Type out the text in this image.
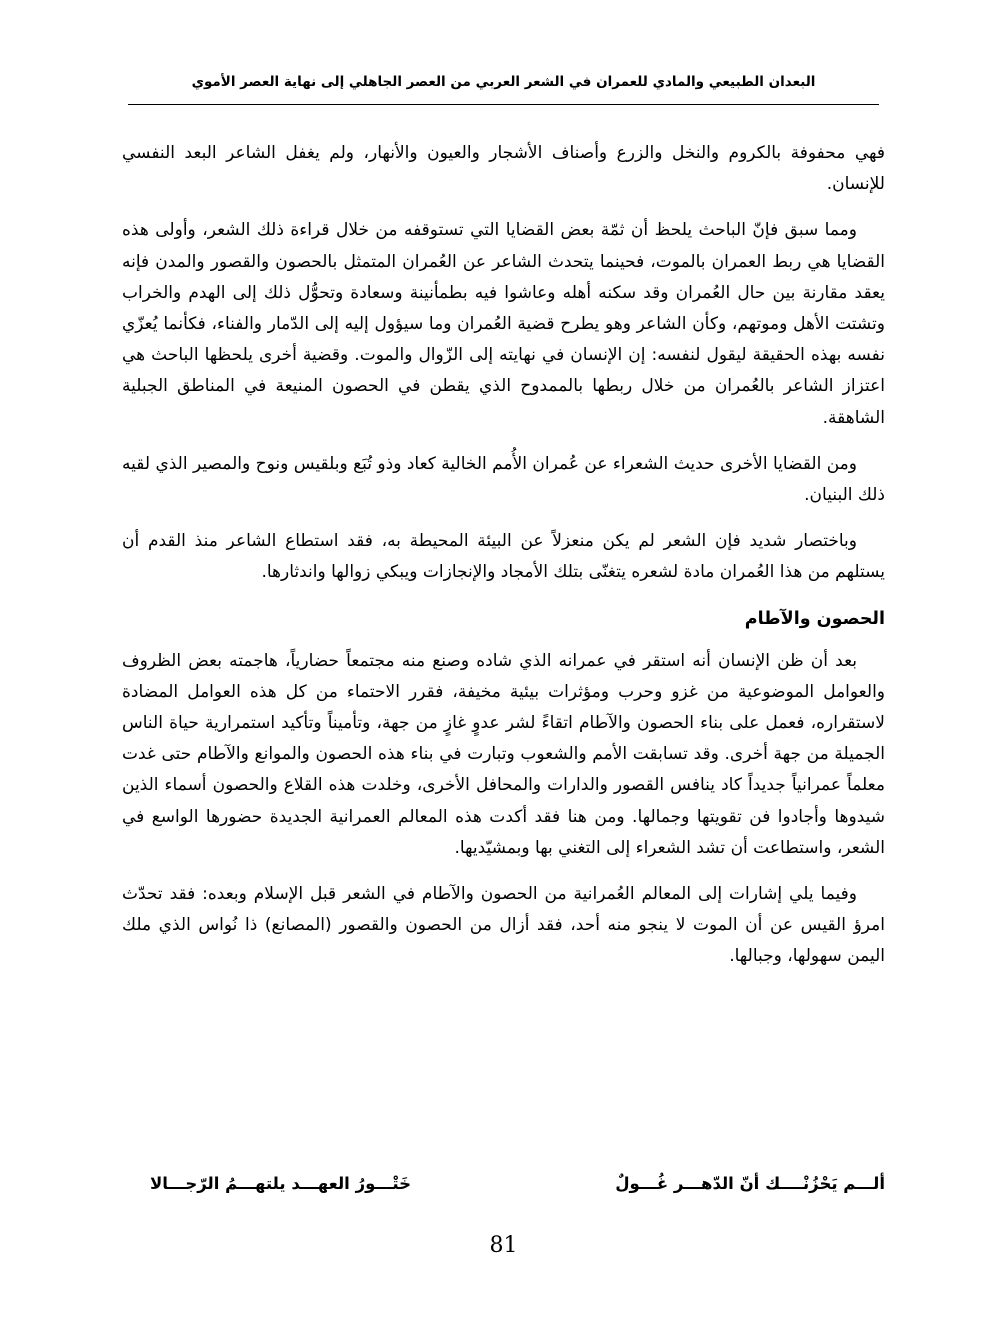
البعدان الطبيعي والمادي للعمران في الشعر العربي من العصر الجاهلي إلى نهاية العصر الأموي

فهي محفوفة بالكروم والنخل والزرع وأصناف الأشجار والعيون والأنهار، ولم يغفل الشاعر البعد النفسي للإنسان.

ومما سبق فإنّ الباحث يلحظ أن ثمّة بعض القضايا التي تستوقفه من خلال قراءة ذلك الشعر، وأولى هذه القضايا هي ربط العمران بالموت، فحينما يتحدث الشاعر عن العُمران المتمثل بالحصون والقصور والمدن فإنه يعقد مقارنة بين حال العُمران وقد سكنه أهله وعاشوا فيه بطمأنينة وسعادة وتحوُّل ذلك إلى الهدم والخراب وتشتت الأهل وموتهم، وكأن الشاعر وهو يطرح قضية العُمران وما سيؤول إليه إلى الدّمار والفناء، فكأنما يُعزّي نفسه بهذه الحقيقة ليقول لنفسه: إن الإنسان في نهايته إلى الزّوال والموت. وقضية أخرى يلحظها الباحث هي اعتزاز الشاعر بالعُمران من خلال ربطها بالممدوح الذي يقطن في الحصون المنيعة في المناطق الجبلية الشاهقة.

ومن القضايا الأخرى حديث الشعراء عن عُمران الأُمم الخالية كعاد وذو تُبَع وبلقيس ونوح والمصير الذي لقيه ذلك البنيان.

وباختصار شديد فإن الشعر لم يكن منعزلاً عن البيئة المحيطة به، فقد استطاع الشاعر منذ القدم أن يستلهم من هذا العُمران مادة لشعره يتغنّى بتلك الأمجاد والإنجازات ويبكي زوالها واندثارها.

الحصون والآطام

بعد أن ظن الإنسان أنه استقر في عمرانه الذي شاده وصنع منه مجتمعاً حضارياً، هاجمته بعض الظروف والعوامل الموضوعية من غزو وحرب ومؤثرات بيئية مخيفة، فقرر الاحتماء من كل هذه العوامل المضادة لاستقراره، فعمل على بناء الحصون والآطام اتقاءً لشر عدوٍ غازٍ من جهة، وتأميناً وتأكيد استمرارية حياة الناس الجميلة من جهة أخرى. وقد تسابقت الأمم والشعوب وتبارت في بناء هذه الحصون والموانع والآطام حتى غدت معلماً عمرانياً جديداً كاد ينافس القصور والدارات والمحافل الأخرى، وخلدت هذه القلاع والحصون أسماء الذين شيدوها وأجادوا فن تقويتها وجمالها. ومن هنا فقد أكدت هذه المعالم العمرانية الجديدة حضورها الواسع في الشعر، واستطاعت أن تشد الشعراء إلى التغني بها وبمشيّديها.

وفيما يلي إشارات إلى المعالم العُمرانية من الحصون والآطام في الشعر قبل الإسلام وبعده: فقد تحدّث امرؤ القيس عن أن الموت لا ينجو منه أحد، فقد أزال من الحصون والقصور (المصانع) ذا نُواس الذي ملك اليمن سهولها، وجبالها.

ألـــم يَحْزُنْــــك أنّ الدّهـــر غُـــولٌ
خَتْـــورُ العهـــد يلتهـــمُ الرّجـــالا
81
